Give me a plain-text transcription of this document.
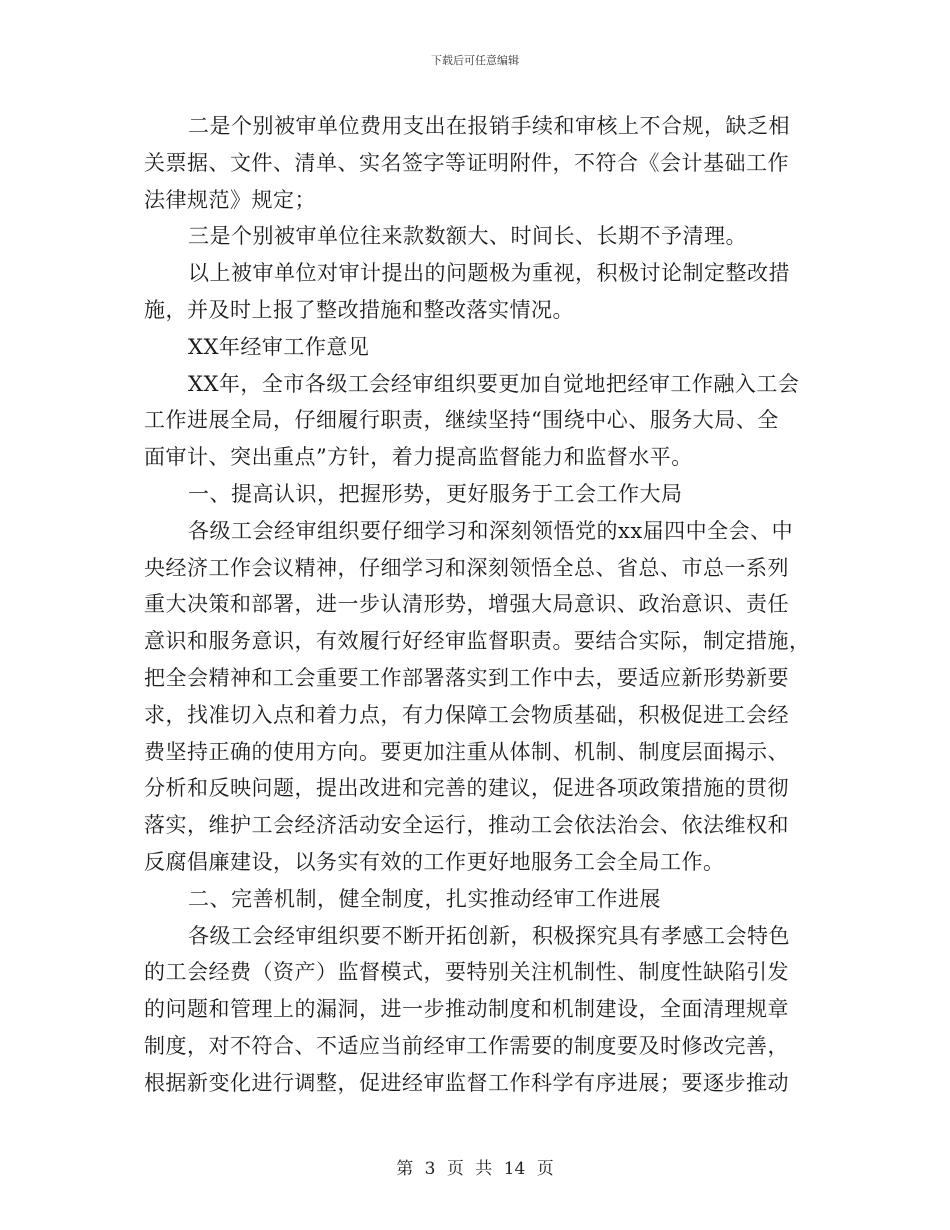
下载后可任意编辑
二是个别被审单位费用支出在报销手续和审核上不合规，缺乏相
关票据、文件、清单、实名签字等证明附件，不符合《会计基础工作
法律规范》规定；
三是个别被审单位往来款数额大、时间长、长期不予清理。
以上被审单位对审计提出的问题极为重视，积极讨论制定整改措
施，并及时上报了整改措施和整改落实情况。
XX年经审工作意见
XX年，全市各级工会经审组织要更加自觉地把经审工作融入工会
工作进展全局，仔细履行职责，继续坚持“围绕中心、服务大局、全
面审计、突出重点”方针，着力提高监督能力和监督水平。
一、提高认识，把握形势，更好服务于工会工作大局
各级工会经审组织要仔细学习和深刻领悟党的xx届四中全会、中
央经济工作会议精神，仔细学习和深刻领悟全总、省总、市总一系列
重大决策和部署，进一步认清形势，增强大局意识、政治意识、责任
意识和服务意识，有效履行好经审监督职责。要结合实际，制定措施，
把全会精神和工会重要工作部署落实到工作中去，要适应新形势新要
求，找准切入点和着力点，有力保障工会物质基础，积极促进工会经
费坚持正确的使用方向。要更加注重从体制、机制、制度层面揭示、
分析和反映问题，提出改进和完善的建议，促进各项政策措施的贯彻
落实，维护工会经济活动安全运行，推动工会依法治会、依法维权和
反腐倡廉建设，以务实有效的工作更好地服务工会全局工作。
二、完善机制，健全制度，扎实推动经审工作进展
各级工会经审组织要不断开拓创新，积极探究具有孝感工会特色
的工会经费（资产）监督模式，要特别关注机制性、制度性缺陷引发
的问题和管理上的漏洞，进一步推动制度和机制建设，全面清理规章
制度，对不符合、不适应当前经审工作需要的制度要及时修改完善，
根据新变化进行调整，促进经审监督工作科学有序进展；要逐步推动
第 3 页 共 14 页
